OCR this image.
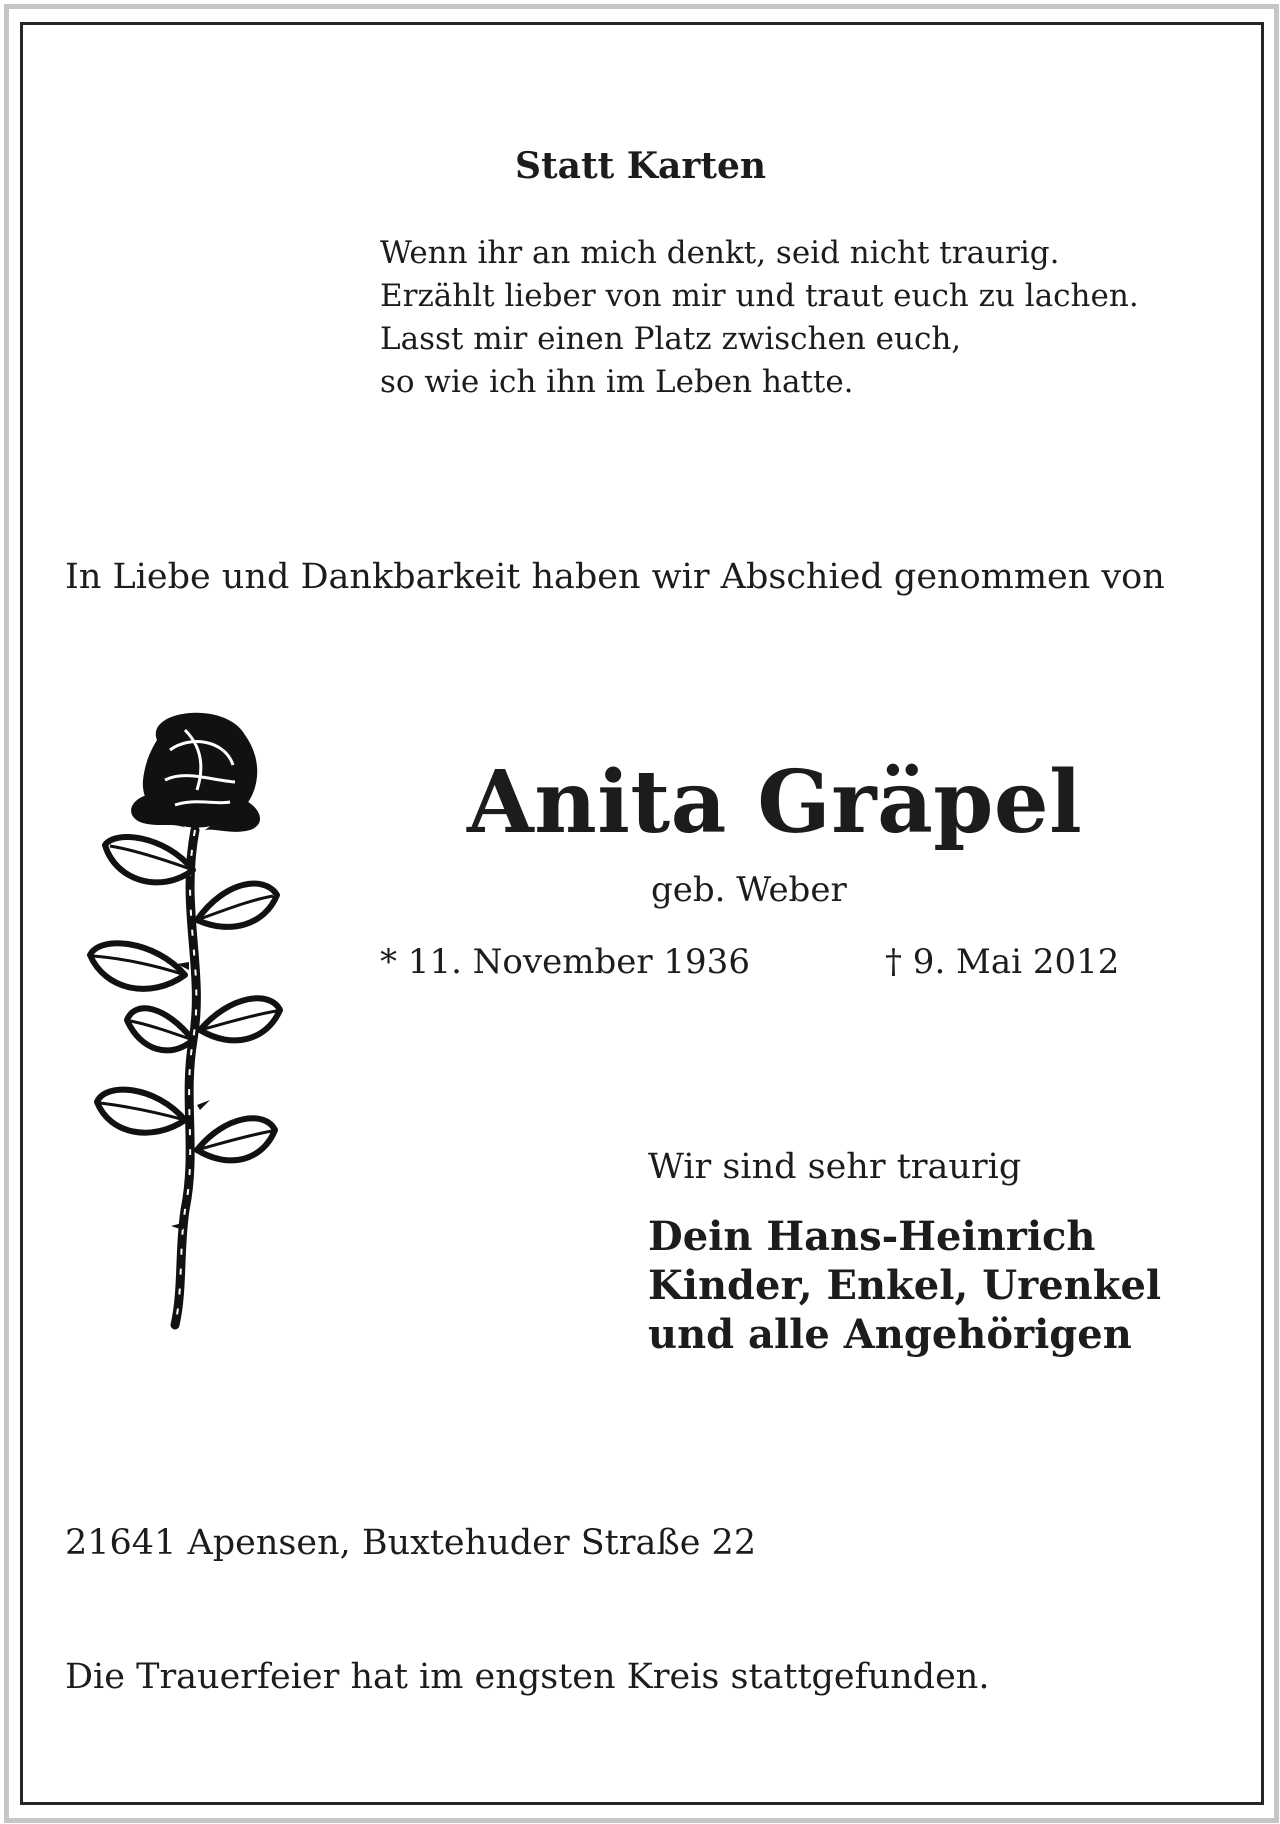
Statt Karten

Wenn ihr an mich denkt, seid nicht traurig.
Erzählt lieber von mir und traut euch zu lachen.
Lasst mir einen Platz zwischen euch,
so wie ich ihn im Leben hatte.

In Liebe und Dankbarkeit haben wir Abschied genommen von

Anita Gräpel

geb. Weber

* 11. November 1936	† 9. Mai 2012

Wir sind sehr traurig

Dein Hans-Heinrich
Kinder, Enkel, Urenkel
und alle Angehörigen

21641 Apensen, Buxtehuder Straße 22

Die Trauerfeier hat im engsten Kreis stattgefunden.
